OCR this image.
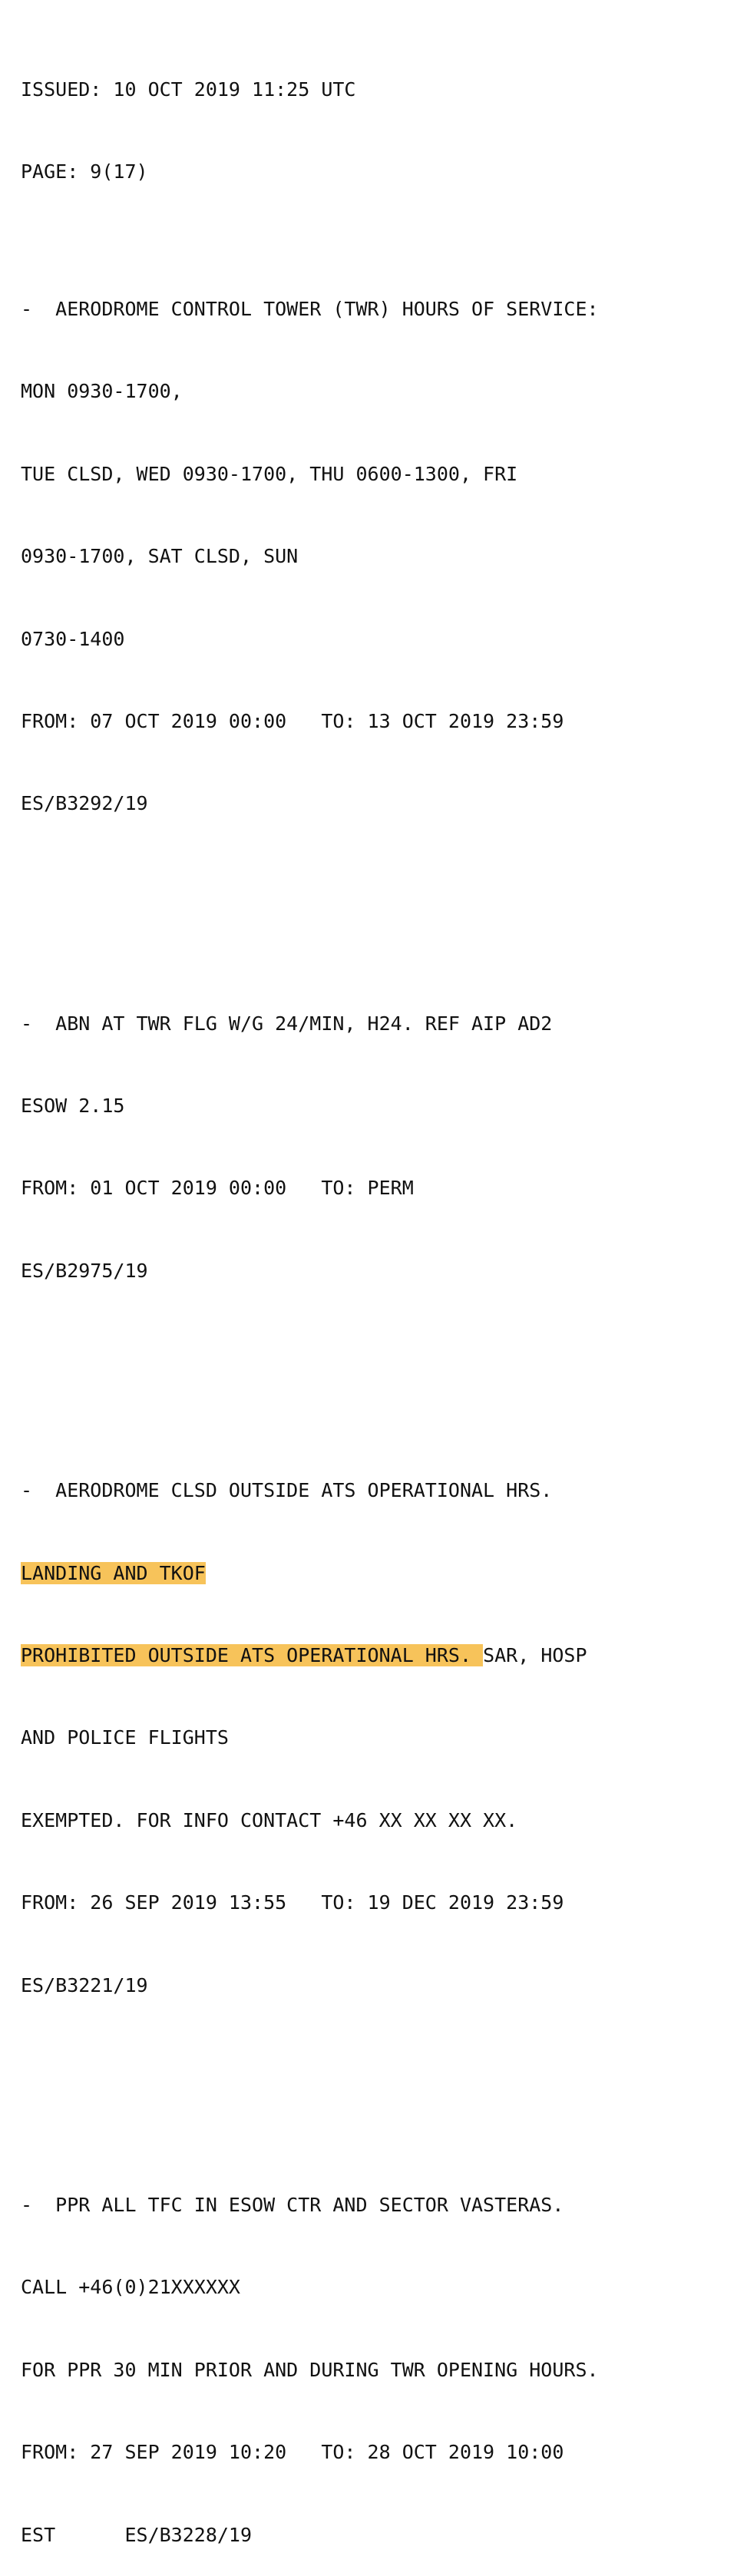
ISSUED: 10 OCT 2019 11:25 UTC

PAGE: 9(17)

-  AERODROME CONTROL TOWER (TWR) HOURS OF SERVICE:

MON 0930-1700,

TUE CLSD, WED 0930-1700, THU 0600-1300, FRI

0930-1700, SAT CLSD, SUN

0730-1400

FROM: 07 OCT 2019 00:00   TO: 13 OCT 2019 23:59

ES/B3292/19

-  ABN AT TWR FLG W/G 24/MIN, H24. REF AIP AD2

ESOW 2.15

FROM: 01 OCT 2019 00:00   TO: PERM

ES/B2975/19

-  AERODROME CLSD OUTSIDE ATS OPERATIONAL HRS.

LANDING AND TKOF

PROHIBITED OUTSIDE ATS OPERATIONAL HRS. SAR, HOSP

AND POLICE FLIGHTS

EXEMPTED. FOR INFO CONTACT +46 XX XX XX XX.

FROM: 26 SEP 2019 13:55   TO: 19 DEC 2019 23:59

ES/B3221/19

-  PPR ALL TFC IN ESOW CTR AND SECTOR VASTERAS.

CALL +46(0)21XXXXXX

FOR PPR 30 MIN PRIOR AND DURING TWR OPENING HOURS.

FROM: 27 SEP 2019 10:20   TO: 28 OCT 2019 10:00

EST      ES/B3228/19
